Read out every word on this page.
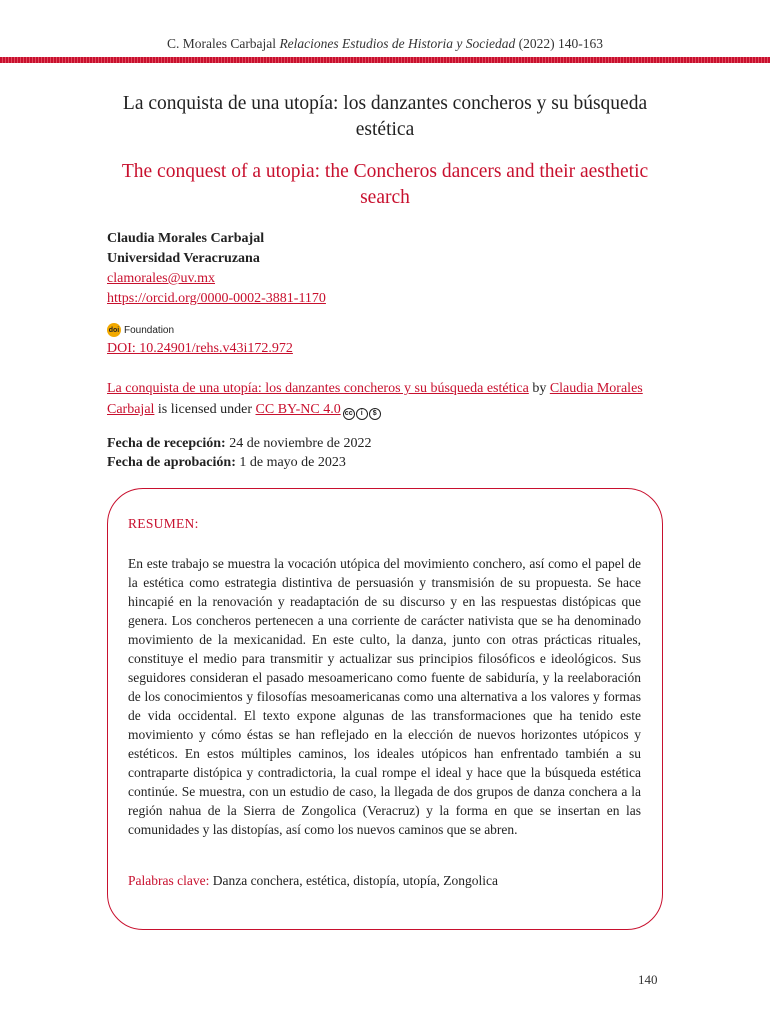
C. Morales Carbajal Relaciones Estudios de Historia y Sociedad (2022) 140-163
La conquista de una utopía: los danzantes concheros y su búsqueda estética
The conquest of a utopia: the Concheros dancers and their aesthetic search
Claudia Morales Carbajal
Universidad Veracruzana
clamorales@uv.mx
https://orcid.org/0000-0002-3881-1170
doi Foundation
DOI: 10.24901/rehs.v43i172.972
La conquista de una utopía: los danzantes concheros y su búsqueda estética by Claudia Morales Carbajal is licensed under CC BY-NC 4.0 cc	i	$
Fecha de recepción: 24 de noviembre de 2022
Fecha de aprobación: 1 de mayo de 2023
RESUMEN:
En este trabajo se muestra la vocación utópica del movimiento conchero, así como el papel de la estética como estrategia distintiva de persuasión y transmisión de su propuesta. Se hace hincapié en la renovación y readaptación de su discurso y en las respuestas distópicas que genera. Los concheros pertenecen a una corriente de carácter nativista que se ha denominado movimiento de la mexicanidad. En este culto, la danza, junto con otras prácticas rituales, constituye el medio para transmitir y actualizar sus principios filosóficos e ideológicos. Sus seguidores consideran el pasado mesoamericano como fuente de sabiduría, y la reelaboración de los conocimientos y filosofías mesoamericanas como una alternativa a los valores y formas de vida occidental. El texto expone algunas de las transformaciones que ha tenido este movimiento y cómo éstas se han reflejado en la elección de nuevos horizontes utópicos y estéticos. En estos múltiples caminos, los ideales utópicos han enfrentado también a su contraparte distópica y contradictoria, la cual rompe el ideal y hace que la búsqueda estética continúe. Se muestra, con un estudio de caso, la llegada de dos grupos de danza conchera a la región nahua de la Sierra de Zongolica (Veracruz) y la forma en que se insertan en las comunidades y las distopías, así como los nuevos caminos que se abren.
Palabras clave: Danza conchera, estética, distopía, utopía, Zongolica
140
